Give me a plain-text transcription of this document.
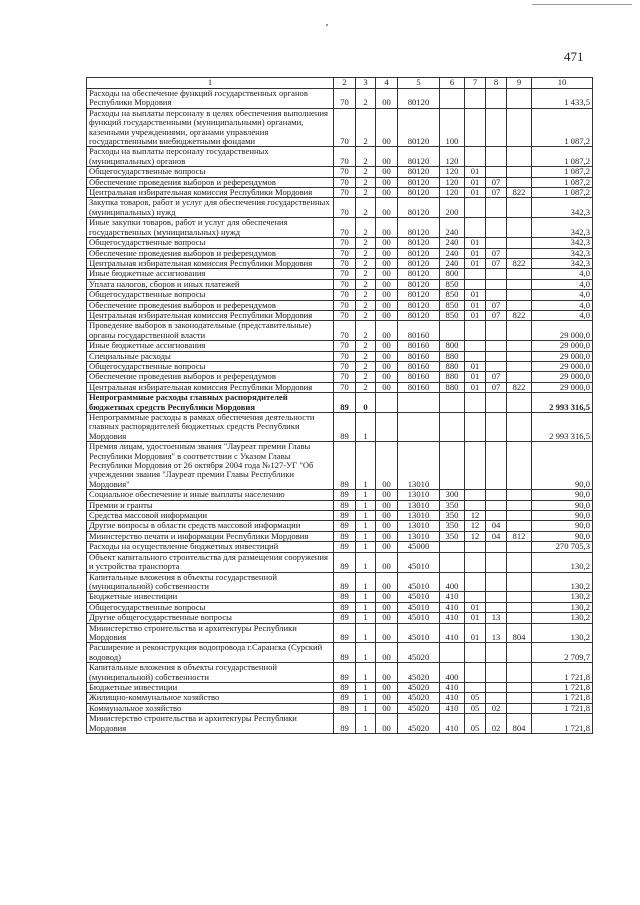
471
1	2	3	4	5	6	7	8	9	10
Расходы на обеспечение функций государственных органов Республики Мордовия	70	2	00	80120					1 433,5
Расходы на выплаты персоналу в целях обеспечения выполнения функций государственными (муниципальными) органами, казенными учреждениями, органами управления государственными внебюджетными фондами	70	2	00	80120	100				1 087,2
Расходы на выплаты персоналу государственных (муниципальных) органов	70	2	00	80120	120				1 087,2
Общегосударственные вопросы	70	2	00	80120	120	01			1 087,2
Обеспечение проведения выборов и референдумов	70	2	00	80120	120	01	07		1 087,2
Центральная избирательная комиссия Республики Мордовия	70	2	00	80120	120	01	07	822	1 087,2
Закупка товаров, работ и услуг для обеспечения государственных (муниципальных) нужд	70	2	00	80120	200				342,3
Иные закупки товаров, работ и услуг для обеспечения государственных (муниципальных) нужд	70	2	00	80120	240				342,3
Общегосударственные вопросы	70	2	00	80120	240	01			342,3
Обеспечение проведения выборов и референдумов	70	2	00	80120	240	01	07		342,3
Центральная избирательная комиссия Республики Мордовия	70	2	00	80120	240	01	07	822	342,3
Иные бюджетные ассигнования	70	2	00	80120	800				4,0
Уплата налогов, сборов и иных платежей	70	2	00	80120	850				4,0
Общегосударственные вопросы	70	2	00	80120	850	01			4,0
Обеспечение проведения выборов и референдумов	70	2	00	80120	850	01	07		4,0
Центральная избирательная комиссия Республики Мордовия	70	2	00	80120	850	01	07	822	4,0
Проведение выборов в законодательные (представительные) органы государственной власти	70	2	00	80160					29 000,0
Иные бюджетные ассигнования	70	2	00	80160	800				29 000,0
Специальные расходы	70	2	00	80160	880				29 000,0
Общегосударственные вопросы	70	2	00	80160	880	01			29 000,0
Обеспечение проведения выборов и референдумов	70	2	00	80160	880	01	07		29 000,0
Центральная избирательная комиссия Республики Мордовия	70	2	00	80160	880	01	07	822	29 000,0
Непрограммные расходы главных распорядителей бюджетных средств Республики Мордовия	89	0							2 993 316,5
Непрограммные расходы в рамках обеспечения деятельности главных распорядителей бюджетных средств Республики Мордовия	89	1							2 993 316,5
Премия лицам, удостоенным звания "Лауреат премии Главы Республики Мордовия" в соответствии с Указом Главы Республики Мордовия от 26 октября 2004 года №127-УГ "Об учреждении звания "Лауреат премии Главы Республики Мордовия"	89	1	00	13010					90,0
Социальное обеспечение и иные выплаты населению	89	1	00	13010	300				90,0
Премии и гранты	89	1	00	13010	350				90,0
Средства массовой информации	89	1	00	13010	350	12			90,0
Другие вопросы в области средств массовой информации	89	1	00	13010	350	12	04		90,0
Министерство печати и информации Республики Мордовия	89	1	00	13010	350	12	04	812	90,0
Расходы на осуществление бюджетных инвестиций	89	1	00	45000					270 705,3
Объект капитального строительства для размещения сооружения и устройства транспорта	89	1	00	45010					130,2
Капитальные вложения в объекты государственной (муниципальной) собственности	89	1	00	45010	400				130,2
Бюджетные инвестиции	89	1	00	45010	410				130,2
Общегосударственные вопросы	89	1	00	45010	410	01			130,2
Другие общегосударственные вопросы	89	1	00	45010	410	01	13		130,2
Министерство строительства и архитектуры Республики Мордовия	89	1	00	45010	410	01	13	804	130,2
Расширение и реконструкция водопровода г.Саранска (Сурский водовод)	89	1	00	45020					2 709,7
Капитальные вложения в объекты государственной (муниципальной) собственности	89	1	00	45020	400				1 721,8
Бюджетные инвестиции	89	1	00	45020	410				1 721,8
Жилищно-коммунальное хозяйство	89	1	00	45020	410	05			1 721,8
Коммунальное хозяйство	89	1	00	45020	410	05	02		1 721,8
Министерство строительства и архитектуры Республики Мордовия	89	1	00	45020	410	05	02	804	1 721,8
